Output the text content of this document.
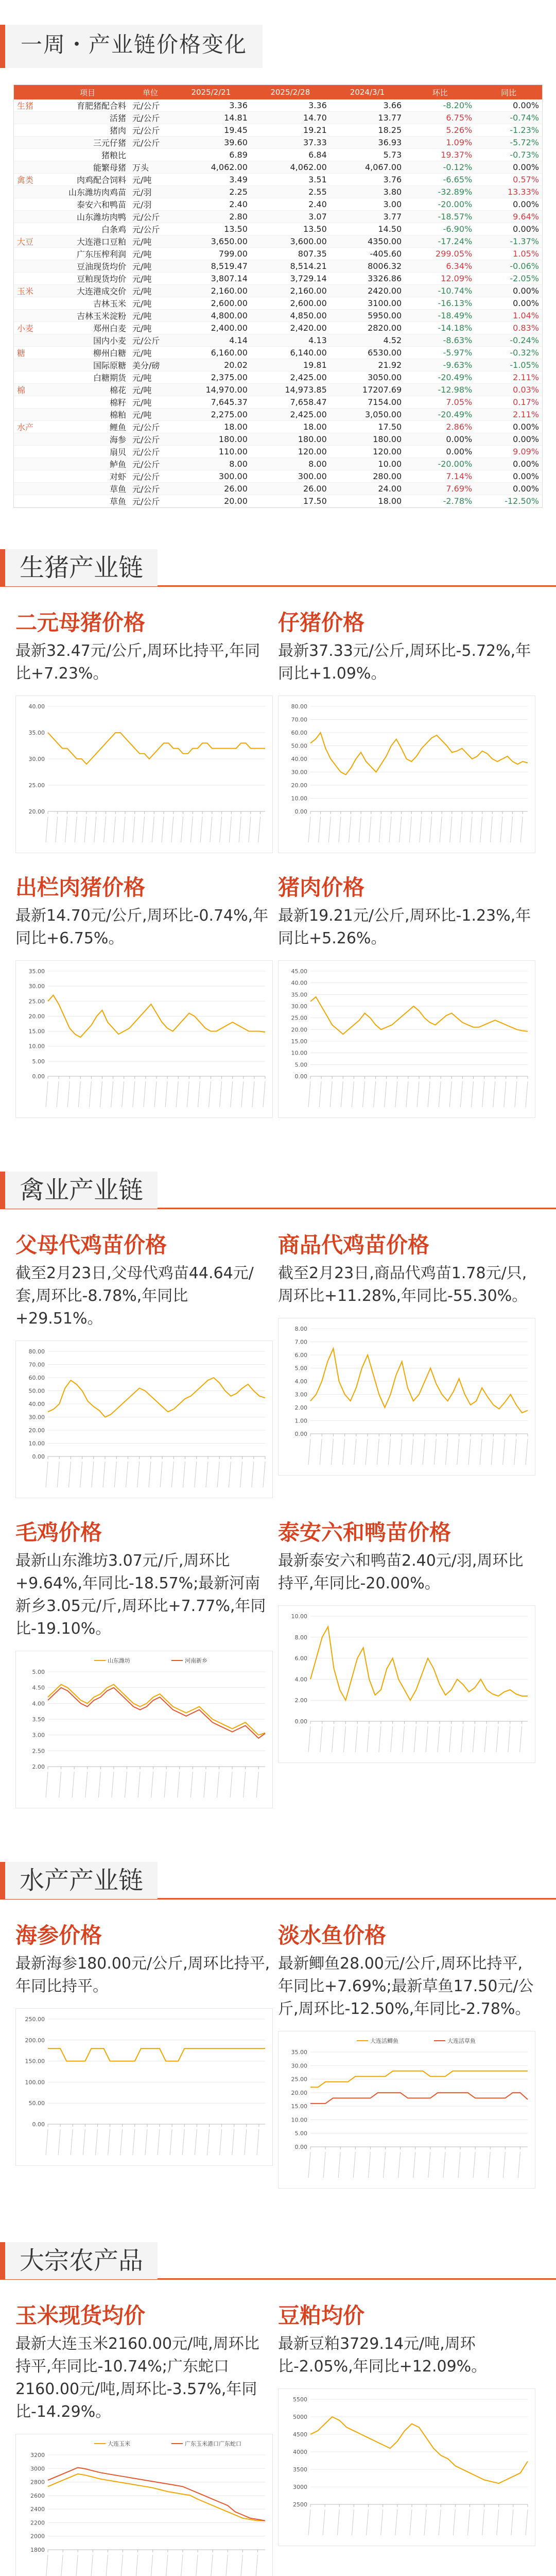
一周・产业链价格变化
	项目	单位	2025/2/21	2025/2/28	2024/3/1	环比	同比
生猪	育肥猪配合料	元/公斤	3.36	3.36	3.66	-8.20%	0.00%
	活猪	元/公斤	14.81	14.70	13.77	6.75%	-0.74%
	猪肉	元/公斤	19.45	19.21	18.25	5.26%	-1.23%
	三元仔猪	元/公斤	39.60	37.33	36.93	1.09%	-5.72%
	猪粮比		6.89	6.84	5.73	19.37%	-0.73%
	能繁母猪	万头	4,062.00	4,062.00	4,067.00	-0.12%	0.00%
禽类	肉鸡配合饲料	元/吨	3.49	3.51	3.76	-6.65%	0.57%
	山东潍坊肉鸡苗	元/羽	2.25	2.55	3.80	-32.89%	13.33%
	泰安六和鸭苗	元/羽	2.40	2.40	3.00	-20.00%	0.00%
	山东潍坊肉鸭	元/公斤	2.80	3.07	3.77	-18.57%	9.64%
	白条鸡	元/公斤	13.50	13.50	14.50	-6.90%	0.00%
大豆	大连港口豆粕	元/吨	3,650.00	3,600.00	4350.00	-17.24%	-1.37%
	广东压榨利润	元/吨	799.00	807.35	-405.60	299.05%	1.05%
	豆油现货均价	元/吨	8,519.47	8,514.21	8006.32	6.34%	-0.06%
	豆粕现货均价	元/吨	3,807.14	3,729.14	3326.86	12.09%	-2.05%
玉米	大连港成交价	元/吨	2,160.00	2,160.00	2420.00	-10.74%	0.00%
	吉林玉米	元/吨	2,600.00	2,600.00	3100.00	-16.13%	0.00%
	吉林玉米淀粉	元/吨	4,800.00	4,850.00	5950.00	-18.49%	1.04%
小麦	郑州白麦	元/吨	2,400.00	2,420.00	2820.00	-14.18%	0.83%
	国内小麦	元/公斤	4.14	4.13	4.52	-8.63%	-0.24%
糖	柳州白糖	元/吨	6,160.00	6,140.00	6530.00	-5.97%	-0.32%
	国际原糖	美分/磅	20.02	19.81	21.92	-9.63%	-1.05%
	白糖期货	元/吨	2,375.00	2,425.00	3050.00	-20.49%	2.11%
棉	棉花	元/吨	14,970.00	14,973.85	17207.69	-12.98%	0.03%
	棉籽	元/吨	7,645.37	7,658.47	7154.00	7.05%	0.17%
	棉粕	元/吨	2,275.00	2,425.00	3,050.00	-20.49%	2.11%
水产	鲤鱼	元/公斤	18.00	18.00	17.50	2.86%	0.00%
	海参	元/公斤	180.00	180.00	180.00	0.00%	0.00%
	扇贝	元/公斤	110.00	120.00	120.00	0.00%	9.09%
	鲈鱼	元/公斤	8.00	8.00	10.00	-20.00%	0.00%
	对虾	元/公斤	300.00	300.00	280.00	7.14%	0.00%
	草鱼	元/公斤	26.00	26.00	24.00	7.69%	0.00%
	草鱼	元/公斤	20.00	17.50	18.00	-2.78%	-12.50%
生猪产业链
二元母猪价格
最新32.47元/公斤,周环比持平,年同比+7.23%。
40.00
35.00
30.00
25.00
20.00
仔猪价格
最新37.33元/公斤,周环比-5.72%,年同比+1.09%。
80.00
70.00
60.00
50.00
40.00
30.00
20.00
10.00
0.00
出栏肉猪价格
最新14.70元/公斤,周环比-0.74%,年同比+6.75%。
35.00
30.00
25.00
20.00
15.00
10.00
5.00
0.00
猪肉价格
最新19.21元/公斤,周环比-1.23%,年同比+5.26%。
45.00
40.00
35.00
30.00
25.00
20.00
15.00
10.00
5.00
0.00
禽业产业链
父母代鸡苗价格
截至2月23日,父母代鸡苗44.64元/套,周环比-8.78%,年同比+29.51%。
80.00
70.00
60.00
50.00
40.00
30.00
20.00
10.00
0.00
商品代鸡苗价格
截至2月23日,商品代鸡苗1.78元/只,周环比+11.28%,年同比-55.30%。
8.00
7.00
6.00
5.00
4.00
3.00
2.00
1.00
0.00
毛鸡价格
最新山东潍坊3.07元/斤,周环比+9.64%,年同比-18.57%;最新河南新乡3.05元/斤,周环比+7.77%,年同比-19.10%。
5.00
4.50
4.00
3.50
3.00
2.50
2.00
山东潍坊	河南新乡
泰安六和鸭苗价格
最新泰安六和鸭苗2.40元/羽,周环比持平,年同比-20.00%。
10.00
8.00
6.00
4.00
2.00
0.00
水产产业链
海参价格
最新海参180.00元/公斤,周环比持平,年同比持平。
250.00
200.00
150.00
100.00
50.00
0.00
淡水鱼价格
最新鲫鱼28.00元/公斤,周环比持平,年同比+7.69%;最新草鱼17.50元/公斤,周环比-12.50%,年同比-2.78%。
35.00
30.00
25.00
20.00
15.00
10.00
5.00
0.00
大连活鲫鱼	大连活草鱼
大宗农产品
玉米现货均价
最新大连玉米2160.00元/吨,周环比持平,年同比-10.74%;广东蛇口2160.00元/吨,周环比-3.57%,年同比-14.29%。
3200
3000
2800
2600
2400
2200
2000
1800
大连玉米	广东玉米港口广东蛇口
豆粕均价
最新豆粕3729.14元/吨,周环比-2.05%,年同比+12.09%。
5500
5000
4500
4000
3500
3000
2500
